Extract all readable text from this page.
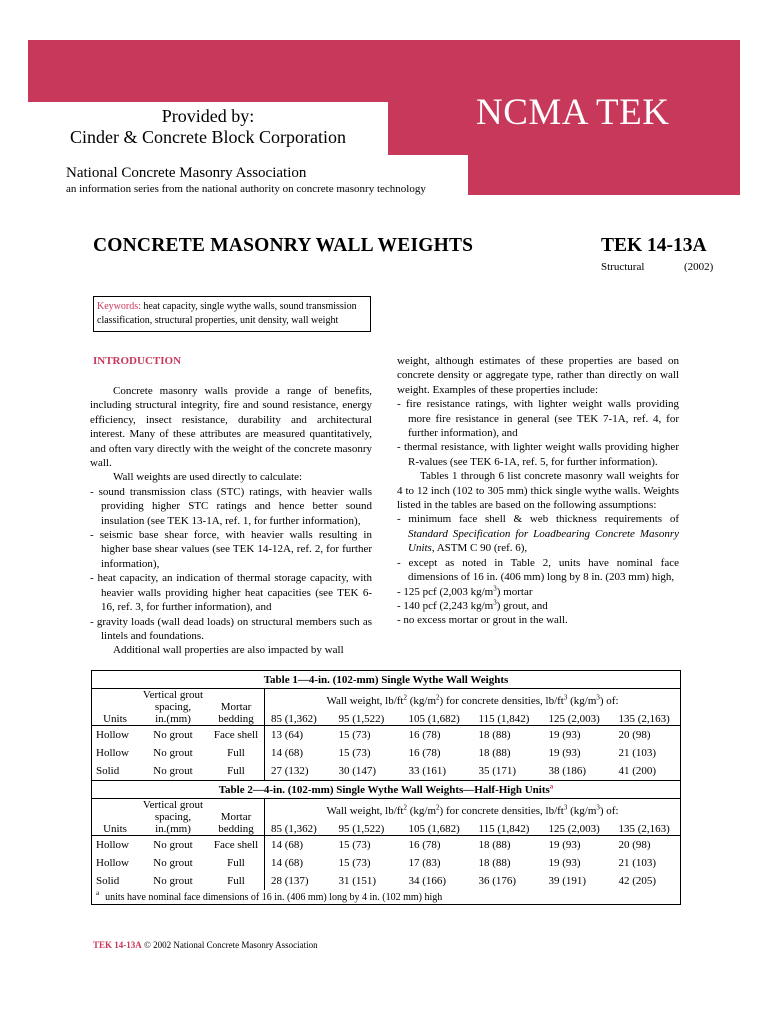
NCMA TEK
Provided by:
Cinder & Concrete Block Corporation
National Concrete Masonry Association
an information series from the national authority on concrete masonry technology
CONCRETE MASONRY WALL WEIGHTS	TEK 14-13A
Structural	(2002)
Keywords: heat capacity, single wythe walls, sound transmission classification, structural properties, unit density, wall weight
INTRODUCTION

Concrete masonry walls provide a range of benefits, including structural integrity, fire and sound resistance, energy efficiency, insect resistance, durability and architectural interest. Many of these attributes are measured quantitatively, and often vary directly with the weight of the concrete masonry wall.

Wall weights are used directly to calculate:

- sound transmission class (STC) ratings, with heavier walls providing higher STC ratings and hence better sound insulation (see TEK 13-1A, ref. 1, for further information),
- seismic base shear force, with heavier walls resulting in higher base shear values (see TEK 14-12A, ref. 2, for further information),
- heat capacity, an indication of thermal storage capacity, with heavier walls providing higher heat capacities (see TEK 6-16, ref. 3, for further information), and
- gravity loads (wall dead loads) on structural members such as lintels and foundations.

Additional wall properties are also impacted by wall

weight, although estimates of these properties are based on concrete density or aggregate type, rather than directly on wall weight. Examples of these properties include:

- fire resistance ratings, with lighter weight walls providing more fire resistance in general (see TEK 7-1A, ref. 4, for further information), and
- thermal resistance, with lighter weight walls providing higher R-values (see TEK 6-1A, ref. 5, for further information).

Tables 1 through 6 list concrete masonry wall weights for 4 to 12 inch (102 to 305 mm) thick single wythe walls. Weights listed in the tables are based on the following assumptions:

- minimum face shell & web thickness requirements of Standard Specification for Loadbearing Concrete Masonry Units, ASTM C 90 (ref. 6),
- except as noted in Table 2, units have nominal face dimensions of 16 in. (406 mm) long by 8 in. (203 mm) high,
- 125 pcf (2,003 $kg/m^3$) mortar
- 140 pcf (2,243 $kg/m^3$) grout, and
- no excess mortar or grout in the wall.
Table 1—4-in. (102-mm) Single Wythe Wall Weights								
	Vertical grout		Wall weight, $lb/ft^2$ $(kg/m^2)$ for concrete densities, $lb/ft^3$ $(kg/m^3)$ of:					
	spacing,	Mortar						
Units	in.(mm)	bedding	85 (1,362)	95 (1,522)	105 (1,682)	115 (1,842)	125 (2,003)	135 (2,163)
Hollow	No grout	Face shell	13 (64)	15 (73)	16 (78)	18 (88)	19 (93)	20 (98)
Hollow	No grout	Full	14 (68)	15 (73)	16 (78)	18 (88)	19 (93)	21 (103)
Solid	No grout	Full	27 (132)	30 (147)	33 (161)	35 (171)	38 (186)	41 (200)
Table 2—4-in. (102-mm) Single Wythe Wall Weights—Half-High Units$^a$
	Vertical grout		Wall weight, $lb/ft^2$ $(kg/m^2)$ for concrete densities, $lb/ft^3$ $(kg/m^3)$ of:					
	spacing,	Mortar						
Units	in.(mm)	bedding	85 (1,362)	95 (1,522)	105 (1,682)	115 (1,842)	125 (2,003)	135 (2,163)
Hollow	No grout	Face shell	14 (68)	15 (73)	16 (78)	18 (88)	19 (93)	20 (98)
Hollow	No grout	Full	14 (68)	15 (73)	17 (83)	18 (88)	19 (93)	21 (103)
Solid	No grout	Full	28 (137)	31 (151)	34 (166)	36 (176)	39 (191)	42 (205)
$^a$ units have nominal face dimensions of 16 in. (406 mm) long by 4 in. (102 mm) high								
TEK 14-13A © 2002 National Concrete Masonry Association
